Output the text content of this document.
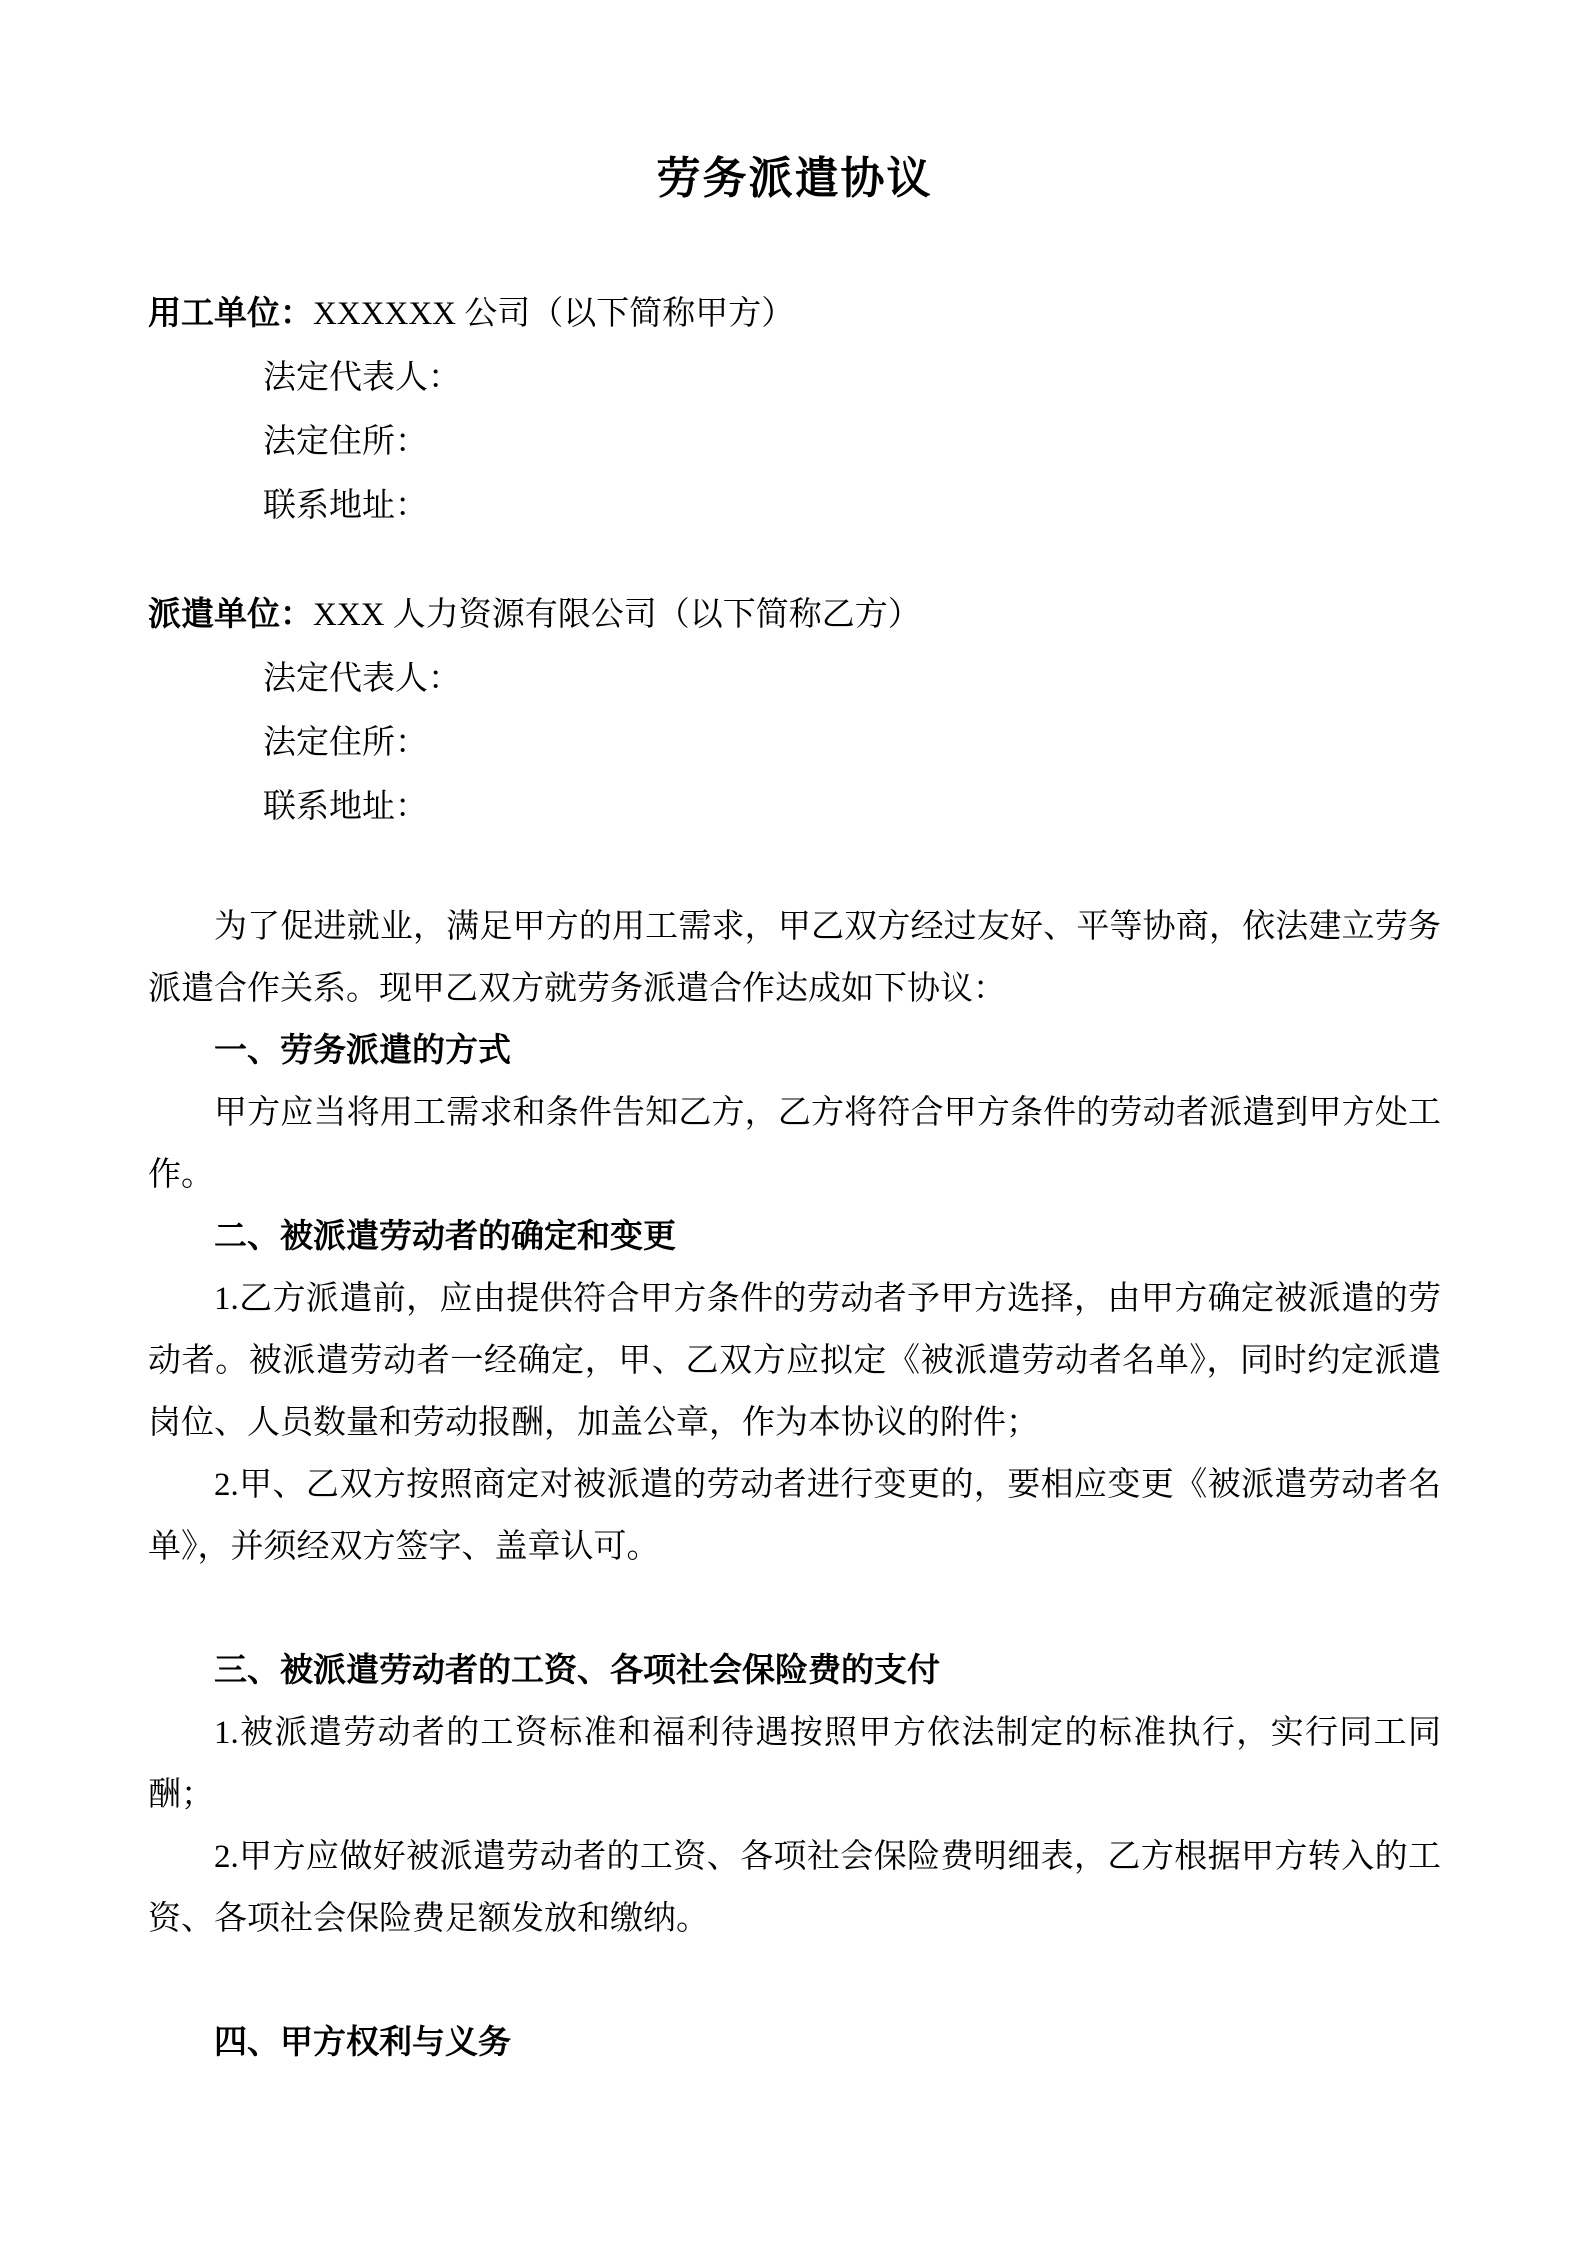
劳务派遣协议
用工单位：XXXXXX 公司（以下简称甲方）
法定代表人：
法定住所：
联系地址：
派遣单位：XXX 人力资源有限公司（以下简称乙方）
法定代表人：
法定住所：
联系地址：

为了促进就业，满足甲方的用工需求，甲乙双方经过友好、平等协商，依法建立劳务派遣合作关系。现甲乙双方就劳务派遣合作达成如下协议：

一、劳务派遣的方式

甲方应当将用工需求和条件告知乙方，乙方将符合甲方条件的劳动者派遣到甲方处工作。

二、被派遣劳动者的确定和变更

1.乙方派遣前，应由提供符合甲方条件的劳动者予甲方选择，由甲方确定被派遣的劳动者。被派遣劳动者一经确定，甲、乙双方应拟定《被派遣劳动者名单》，同时约定派遣岗位、人员数量和劳动报酬，加盖公章，作为本协议的附件；

2.甲、乙双方按照商定对被派遣的劳动者进行变更的，要相应变更《被派遣劳动者名单》，并须经双方签字、盖章认可。

三、被派遣劳动者的工资、各项社会保险费的支付

1.被派遣劳动者的工资标准和福利待遇按照甲方依法制定的标准执行，实行同工同酬；

2.甲方应做好被派遣劳动者的工资、各项社会保险费明细表，乙方根据甲方转入的工资、各项社会保险费足额发放和缴纳。

四、甲方权利与义务
